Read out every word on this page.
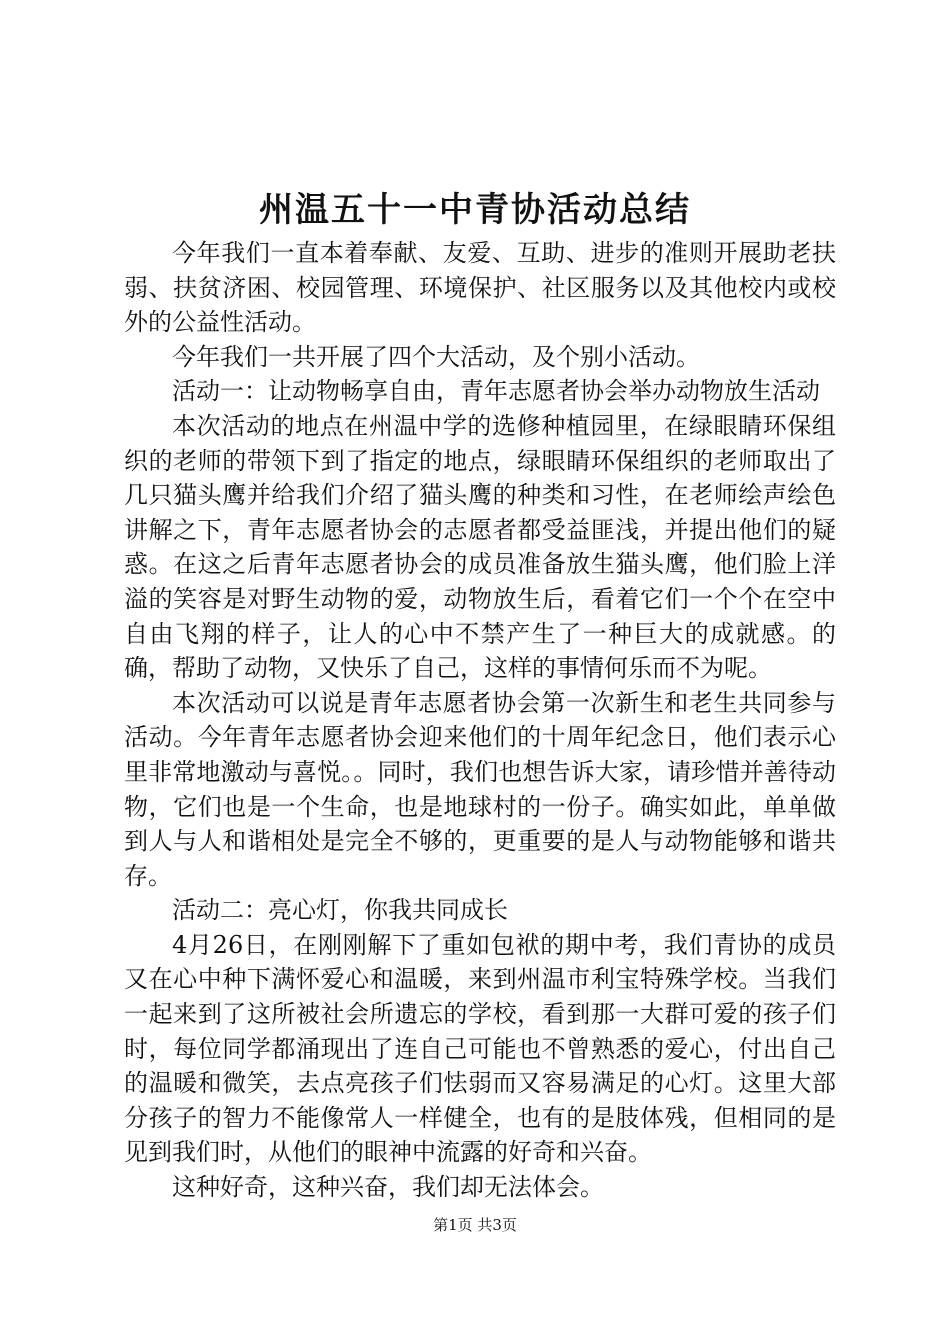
州温五十一中青协活动总结

今年我们一直本着奉献、友爱、互助、进步的准则开展助老扶弱、扶贫济困、校园管理、环境保护、社区服务以及其他校内或校外的公益性活动。

今年我们一共开展了四个大活动，及个别小活动。

活动一：让动物畅享自由，青年志愿者协会举办动物放生活动

本次活动的地点在州温中学的选修种植园里，在绿眼睛环保组织的老师的带领下到了指定的地点，绿眼睛环保组织的老师取出了几只猫头鹰并给我们介绍了猫头鹰的种类和习性，在老师绘声绘色讲解之下，青年志愿者协会的志愿者都受益匪浅，并提出他们的疑惑。在这之后青年志愿者协会的成员准备放生猫头鹰，他们脸上洋溢的笑容是对野生动物的爱，动物放生后，看着它们一个个在空中自由飞翔的样子，让人的心中不禁产生了一种巨大的成就感。的确，帮助了动物，又快乐了自己，这样的事情何乐而不为呢。

本次活动可以说是青年志愿者协会第一次新生和老生共同参与活动。今年青年志愿者协会迎来他们的十周年纪念日，他们表示心里非常地激动与喜悦。。同时，我们也想告诉大家，请珍惜并善待动物，它们也是一个生命，也是地球村的一份子。确实如此，单单做到人与人和谐相处是完全不够的，更重要的是人与动物能够和谐共存。

活动二：亮心灯，你我共同成长

4月26日，在刚刚解下了重如包袱的期中考，我们青协的成员又在心中种下满怀爱心和温暖，来到州温市利宝特殊学校。当我们一起来到了这所被社会所遗忘的学校，看到那一大群可爱的孩子们时，每位同学都涌现出了连自己可能也不曾熟悉的爱心，付出自己的温暖和微笑，去点亮孩子们怯弱而又容易满足的心灯。这里大部分孩子的智力不能像常人一样健全，也有的是肢体残，但相同的是见到我们时，从他们的眼神中流露的好奇和兴奋。

这种好奇，这种兴奋，我们却无法体会。

第1页 共3页
